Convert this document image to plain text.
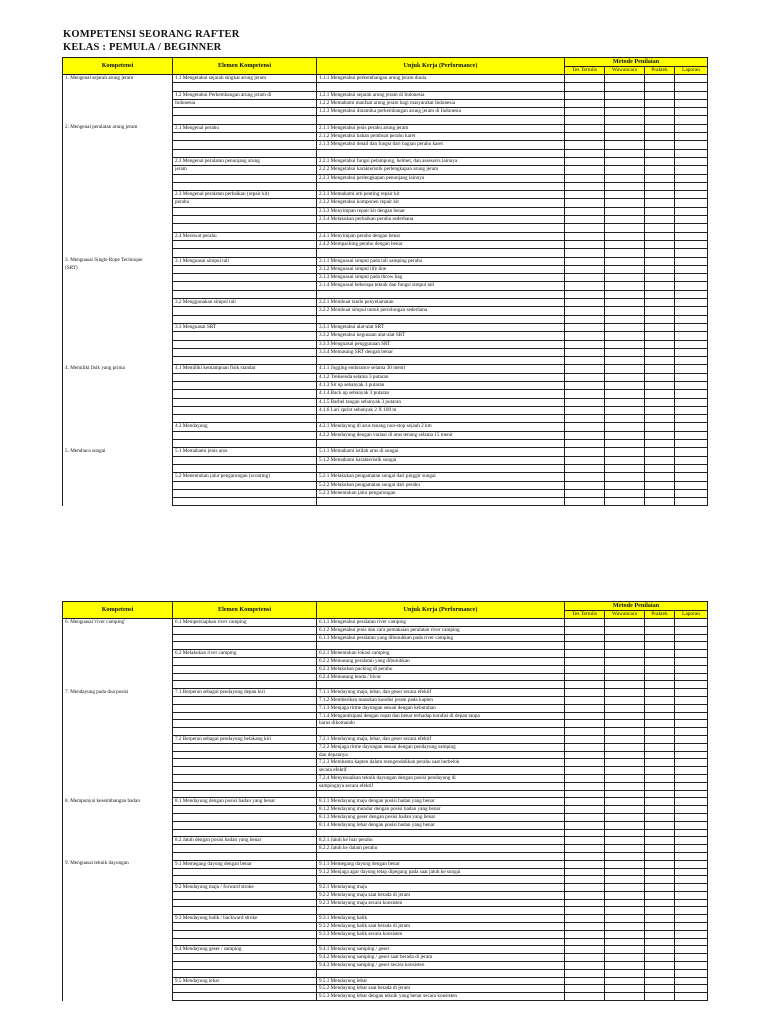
KOMPETENSI SEORANG RAFTER
KELAS : PEMULA / BEGINNER
Kompetensi	Elemen Kompetensi	Unjuk Kerja (Performance)	Metode Penilaian			
			Tes Tertulis	Wawancara	Praktek	Laporan
1. Mengenal sejarah arung jeram	1.1 Mengetahui sejarah singkat arung jeram	1.1.1 Mengetahui perkembangan arung jeram dunia				

	1.2 Mengetahui Perkembangan arung jeram di	1.2.1 Mengetahui sejarah arung jeram di Indonesia				
	Indonesia	1.2.2 Memahami manfaat arung jeram bagi masyarakat Indonesia				
		1.2.3 Mengetahui dinamika perkembangan arung jeram di Indonesia				

2. Mengenal peralatan arung jeram	2.1 Mengenal perahu	2.1.1 Mengetahui jenis perahu arung jeram				
		2.1.2 Mengetahui bahan pembuat perahu karet				
		2.1.3 Mengetahui detail dan fungsi dari bagian perahu karet				

	2.2 Mengenal peralatan penunjang arung	2.2.1 Mengetahui fungsi pelampung, helmet, dan assesoris lainnya				
	jeram	2.2.2 Mengetahui karakteristik perlengkapan arung jeram				
		2.2.3 Mengetahui perlengkapan penunjang lainnya				

	2.3 Mengenal peralatan perbaikan (repair kit)	2.3.1 Memahami arti penting repair kit				
	perahu	2.3.2 Mengetahui komponen repair kit				
		2.3.3 Menyimpan repair kit dengan benar				
		2.3.4 Melakukan perbaikan perahu sederhana				

	2.4 Merawat perahu	2.4.1 Menyimpan perahu dengan benar				
		2.4.2 Mempacking perahu dengan benar				

3. Menguasai Single Rope Technique	3.1 Menguasai simpul tali	3.1.1 Menguasai simpul pada tali samping perahu				
(SRT)		3.1.2 Menguasai simpul life line				
		3.1.3 Menguasai simpul pada throw bag				
		3.1.4 Menguasai beberapa teknik dan fungsi simpul tali				

	3.2 Menggunakan simpul tali	3.2.1 Membuat tandu penyelamatan				
		3.2.2 Membuat simpul untuk pertolongan sederhana				

	3.3 Menguasai SRT	3.3.1 Mengetahui alat-alat SRT				
		3.3.2 Mengetahui kegunaan alat-alat SRT				
		3.3.3 Menguasai penggunaan SRT				
		3.3.4 Memasang SRT dengan benar				

4. Memiliki fisik yang prima	4.1 Memiliki kemampuan fisik standar	4.1.1 Jogging endurance selama 30 menit				
		4.1.2 Treksenda selama 3 putaran				
		4.1.3 Sit up sebanyak 3 putaran				
		4.1.4 Back up sebanyak 3 putaran				
		4.1.5 Barbel tangan sebanyak 3 putaran				
		4.1.6 Lari sprint sebanyak 2 X 100 m				

	4.2 Mendayung	4.2.1 Mendayung di arus tenang non-stop sejauh 2 km				
		4.2.2 Mendayung dengan variasi di arus tenang selama 15 menit				

5. Membaca sungai	5.1 Memahami jenis arus	5.1.1 Memahami istilah arus di sungai				
		5.1.2 Memahami karakteristik sungai				

	5.2 Menentukan jalur pengarungan (scouting)	5.2.1 Melakukan pengamatan sungai dari pinggir sungai				
		5.2.2 Melakukan pengamatan sungai dari perahu				
		5.2.3 Menentukan jalur pengarungan				

Kompetensi	Elemen Kompetensi	Unjuk Kerja (Performance)	Metode Penilaian			
			Tes Tertulis	Wawancara	Praktek	Laporan
6. Menguasai 'river camping'	6.1 Mempersiapkan river camping	6.1.1 Mengetahui peralatan river camping				
		6.1.2 Mengetahui jenis dan cara pemakaian peralatan river camping				
		6.1.3 Mengetahui peralatan yang dibutuhkan pada river camping				

	6.2 Melakukan river camping	6.2.1 Menentukan lokasi camping				
		6.2.2 Memasang peralatan yang dibutuhkan				
		6.2.3 Melakukan packing di perahu				
		6.2.4 Memasang tenda / bivac				

7. Mendayung pada dua posisi	7.1 Berperan sebagai pendayung depan kiri	7.1.1 Mendayung maju, lebar, dan geser secara efektif				
		7.1.2 Memberikan masukan kondisi jeram pada kapten				
		7.1.3 Menjaga ritme dayungan sesuai dengan kebutuhan				
		7.1.4 Mengantisipasi dengan cepat dan benar terhadap kondisi di depan tanpa				
		harus dikomando				

	7.2 Berperan sebagai pendayung belakang kiri	7.2.1 Mendayung maju, lebar, dan geser secara efektif				
		7.2.2 Menjaga ritme dayungan sesuai dengan pendayung samping				
		dan depannya				
		7.2.3 Membantu kapten dalam mengendalikan perahu saat berbelok				
		secara efektif				
		7.2.4 Menyesuaikan teknik dayungan dengan posisi pendayung di				
		sampingnya secara efektif				

8. Mempunyai keseimbangan badan	8.1 Mendayung dengan posisi badan yang benar	8.1.1 Mendayung maju dengan posisi badan yang benar				
		8.1.2 Mendayung mundur dengan posisi badan yang benar				
		8.1.3 Mendayung geser dengan posisi badan yang benar				
		8.1.4 Mendayung lebar dengan posisi badan yang benar				

	8.2 Jatuh dengan posisi badan yang benar	8.2.1 Jatuh ke luar perahu				
		8.2.2 Jatuh ke dalam perahu				

9. Menguasai teknik dayungan	9.1 Memegang dayung dengan benar	9.1.1 Memegang dayung dengan benar				
		9.1.2 Menjaga agar dayung tetap dipegang pada saat jatuh ke sungai				

	9.2 Mendayung maju / forward stroke	9.2.1 Mendayung maju				
		9.2.2 Mendayung maju saat berada di jeram				
		9.2.3 Mendayung maju secara konsisten				

	9.3 Mendayung balik / backward stroke	9.3.1 Mendayung balik				
		9.3.2 Mendayung balik saat berada di jeram				
		9.3.3 Mendayung balik secara konsisten				

	9.4 Mendayung geser / samping	9.4.1 Mendayung samping / geser				
		9.4.2 Mendayung samping / geser saat berada di jeram				
		9.4.3 Mendayung samping / geser secara konsisten				

	9.5 Mendayung lebar	9.5.1 Mendayung lebar				
		9.5.2 Mendayung lebar saat berada di jeram				
		9.5.3 Mendayung lebar dengan teknik yang benar secara konsisten				
